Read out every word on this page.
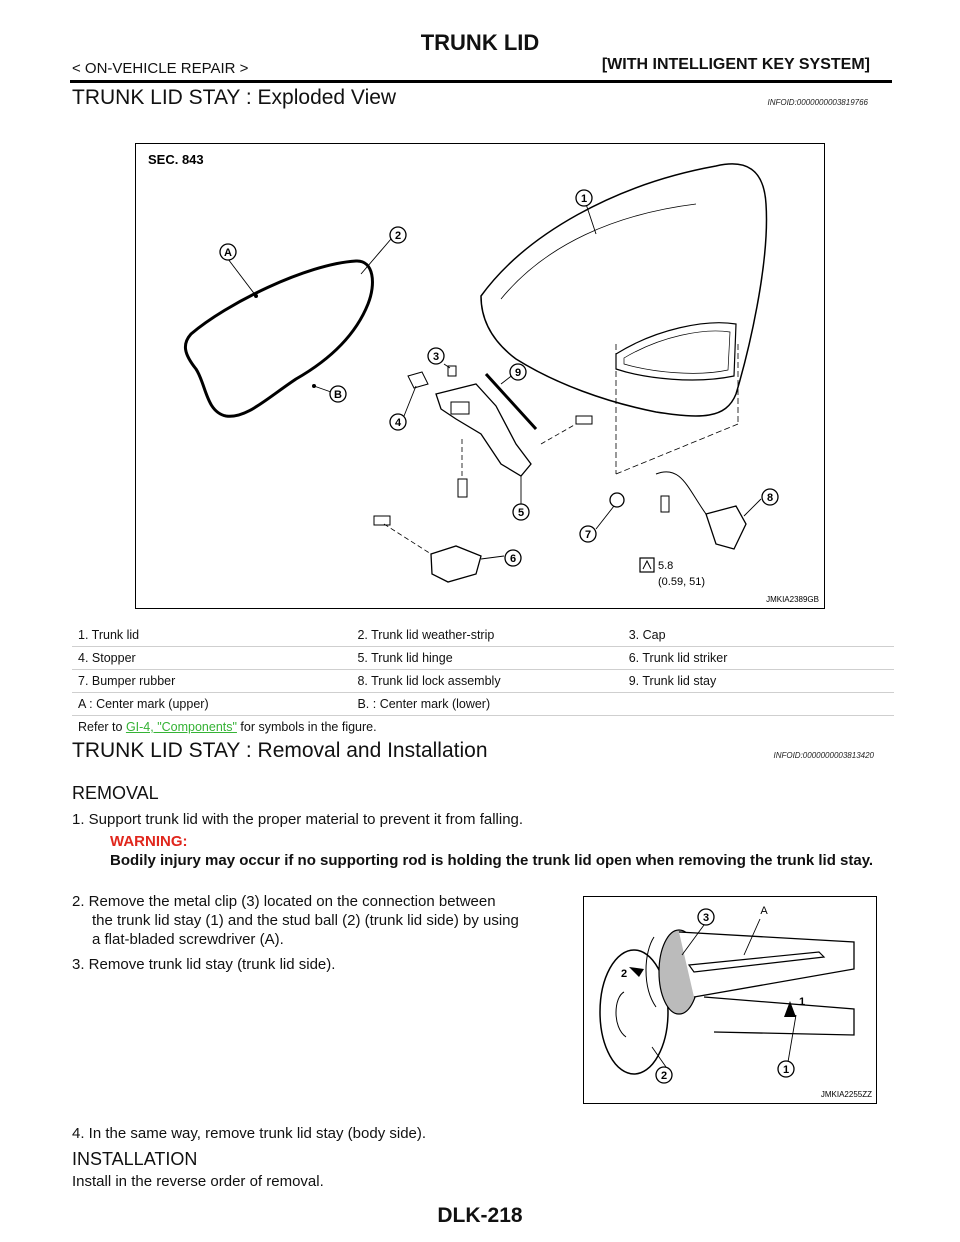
TRUNK LID
< ON-VEHICLE REPAIR >	[WITH INTELLIGENT KEY SYSTEM]
TRUNK LID STAY : Exploded View	INFOID:0000000003819766
SEC. 843
1
2
3
4
5
6
7
8
9
A
B
5.8
(0.59, 51)
JMKIA2389GB
1. Trunk lid	2. Trunk lid weather-strip	3. Cap
4. Stopper	5. Trunk lid hinge	6. Trunk lid striker
7. Bumper rubber	8. Trunk lid lock assembly	9. Trunk lid stay
A : Center mark (upper)	B. : Center mark (lower)	
Refer to GI-4, "Components" for symbols in the figure.		
TRUNK LID STAY : Removal and Installation	INFOID:0000000003813420
REMOVAL
1. Support trunk lid with the proper material to prevent it from falling.
WARNING:
Bodily injury may occur if no supporting rod is holding the trunk lid open when removing the trunk lid stay.
2. Remove the metal clip (3) located on the connection between
the trunk lid stay (1) and the stud ball (2) (trunk lid side) by using
a flat-bladed screwdriver (A).
3. Remove trunk lid stay (trunk lid side).
3
A
2
1
2	1
JMKIA2255ZZ
4. In the same way, remove trunk lid stay (body side).
INSTALLATION
Install in the reverse order of removal.
DLK-218
